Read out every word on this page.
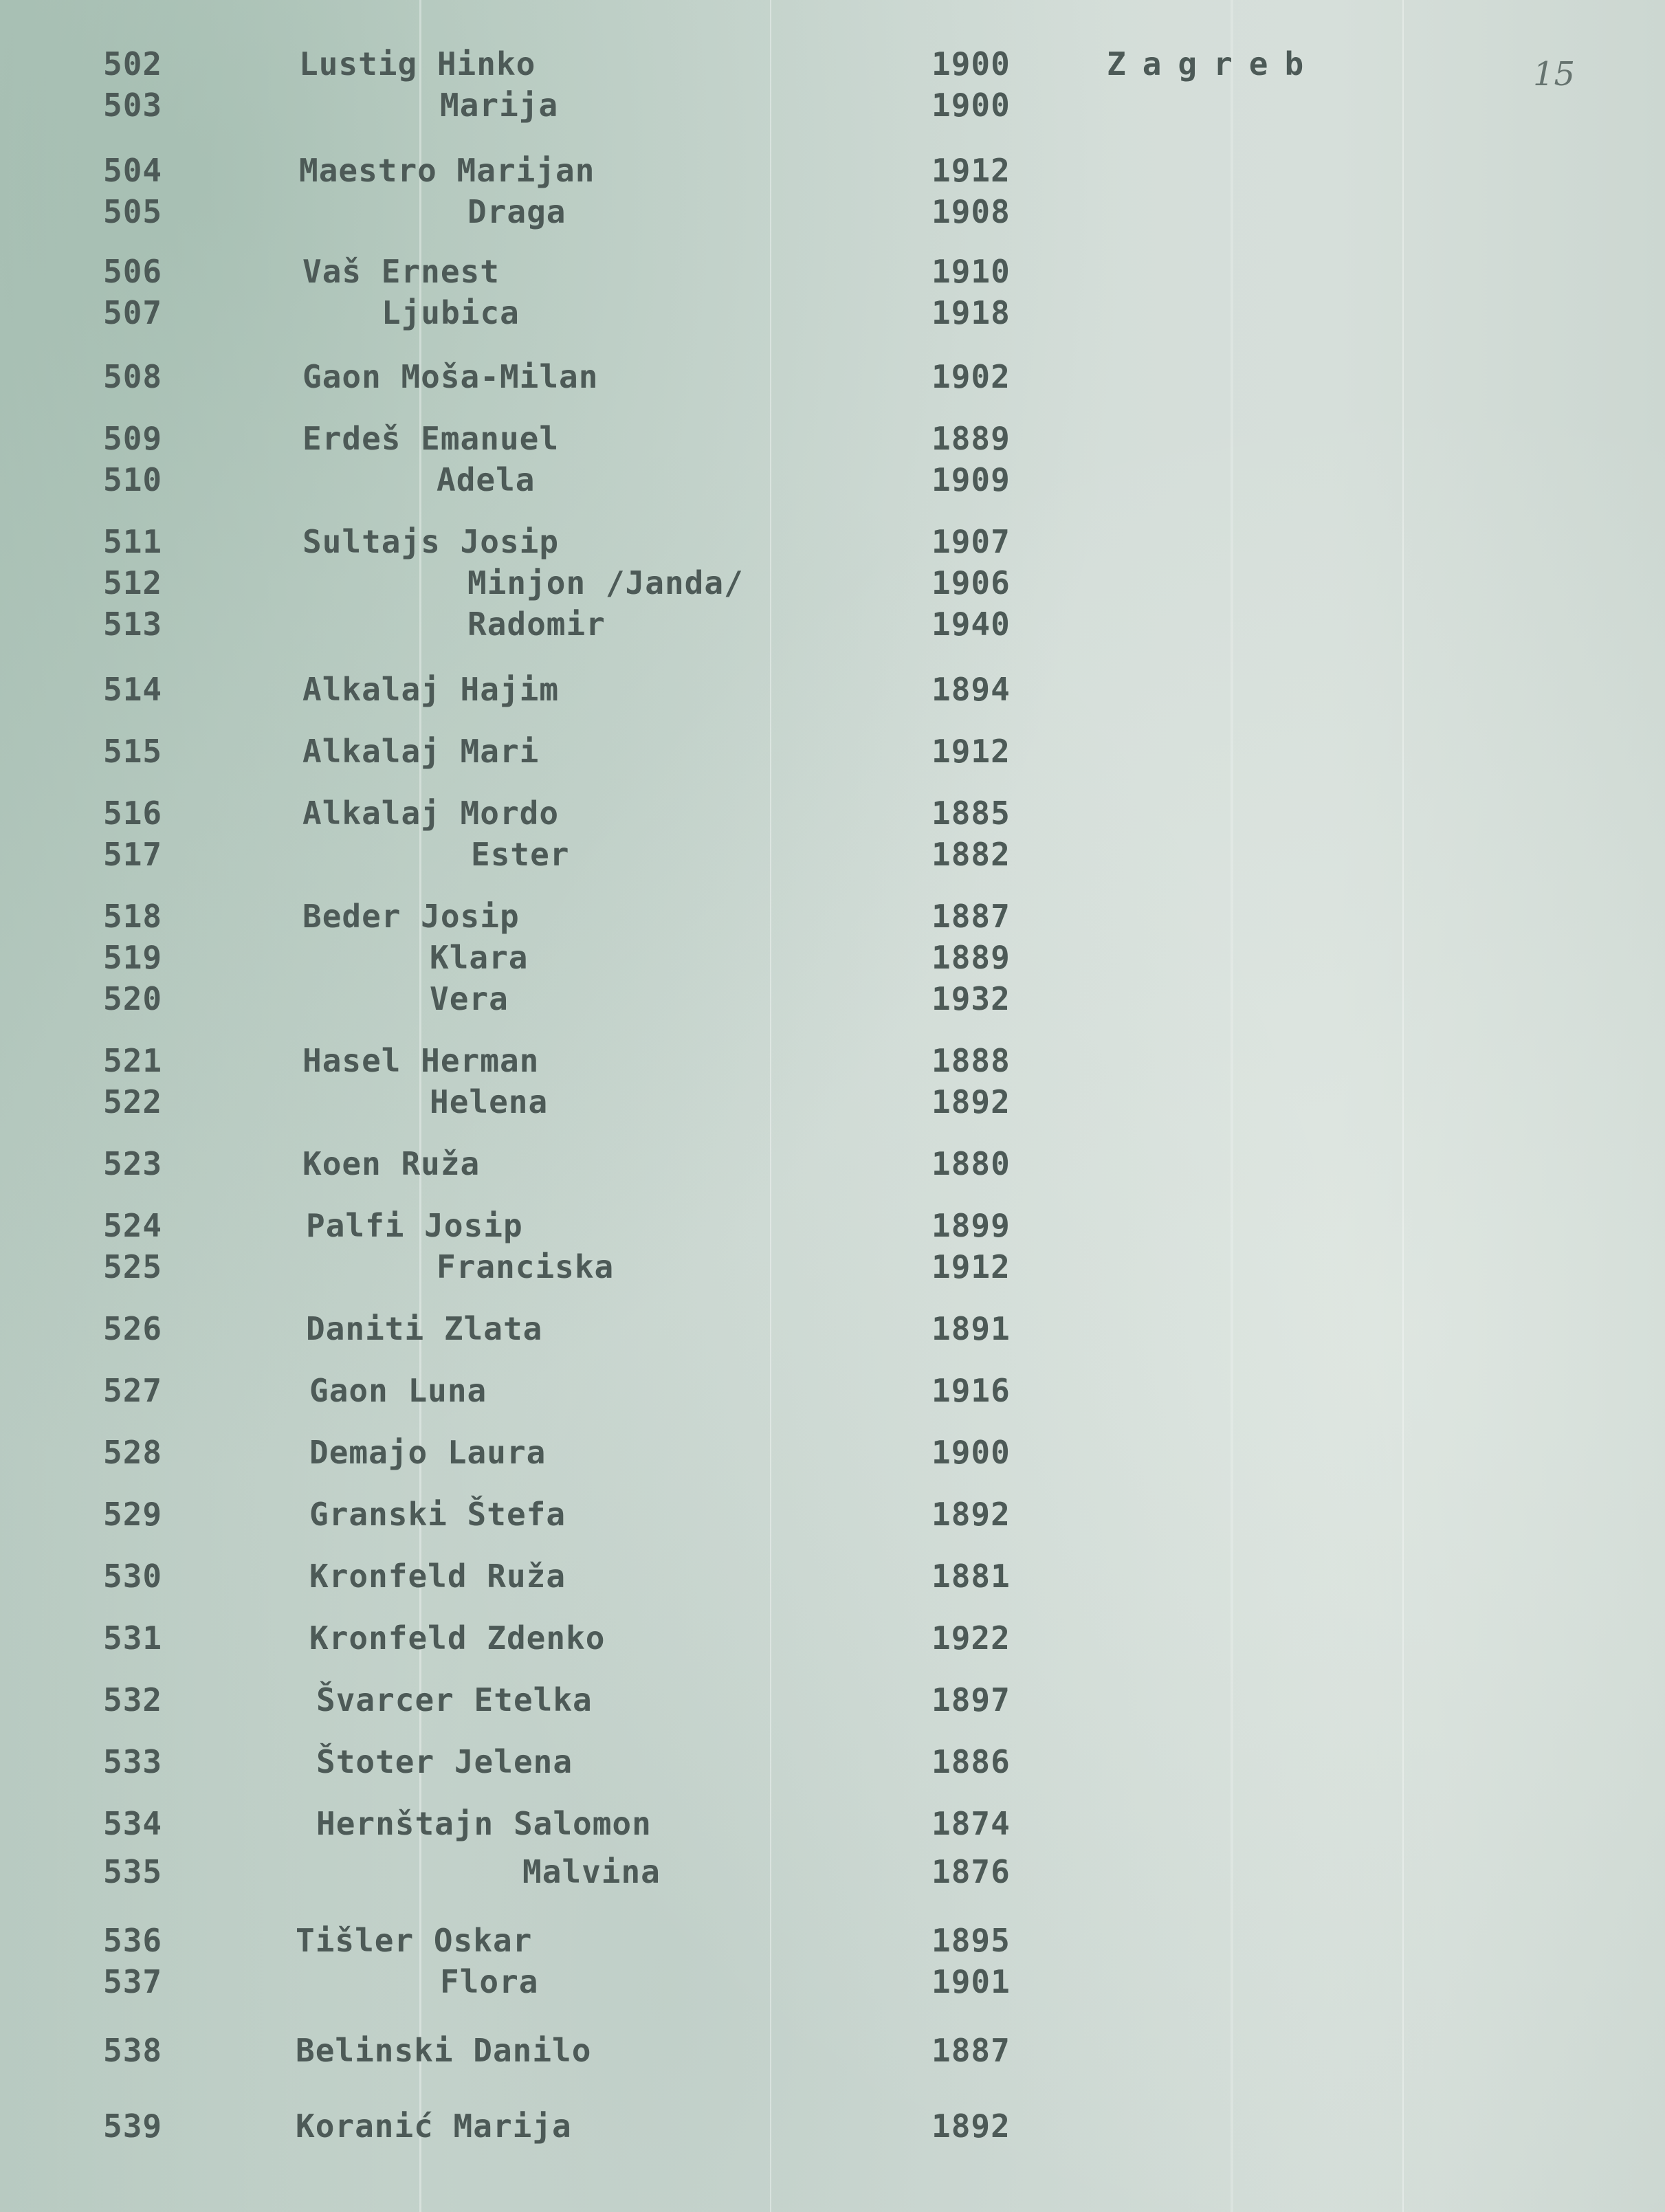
Zagreb	15
502	Lustig Hinko	1900
503	Marija	1900
504	Maestro Marijan	1912
505	Draga	1908
506	Vaš Ernest	1910
507	Ljubica	1918
508	Gaon Moša-Milan	1902
509	Erdeš Emanuel	1889
510	Adela	1909
511	Sultajs Josip	1907
512	Minjon /Janda/	1906
513	Radomir	1940
514	Alkalaj Hajim	1894
515	Alkalaj Mari	1912
516	Alkalaj Mordo	1885
517	Ester	1882
518	Beder Josip	1887
519	Klara	1889
520	Vera	1932
521	Hasel Herman	1888
522	Helena	1892
523	Koen Ruža	1880
524	Palfi Josip	1899
525	Franciska	1912
526	Daniti Zlata	1891
527	Gaon Luna	1916
528	Demajo Laura	1900
529	Granski Štefa	1892
530	Kronfeld Ruža	1881
531	Kronfeld Zdenko	1922
532	Švarcer Etelka	1897
533	Štoter Jelena	1886
534	Hernštajn Salomon	1874
535	Malvina	1876
536	Tišler Oskar	1895
537	Flora	1901
538	Belinski Danilo	1887
539	Koranić Marija	1892
